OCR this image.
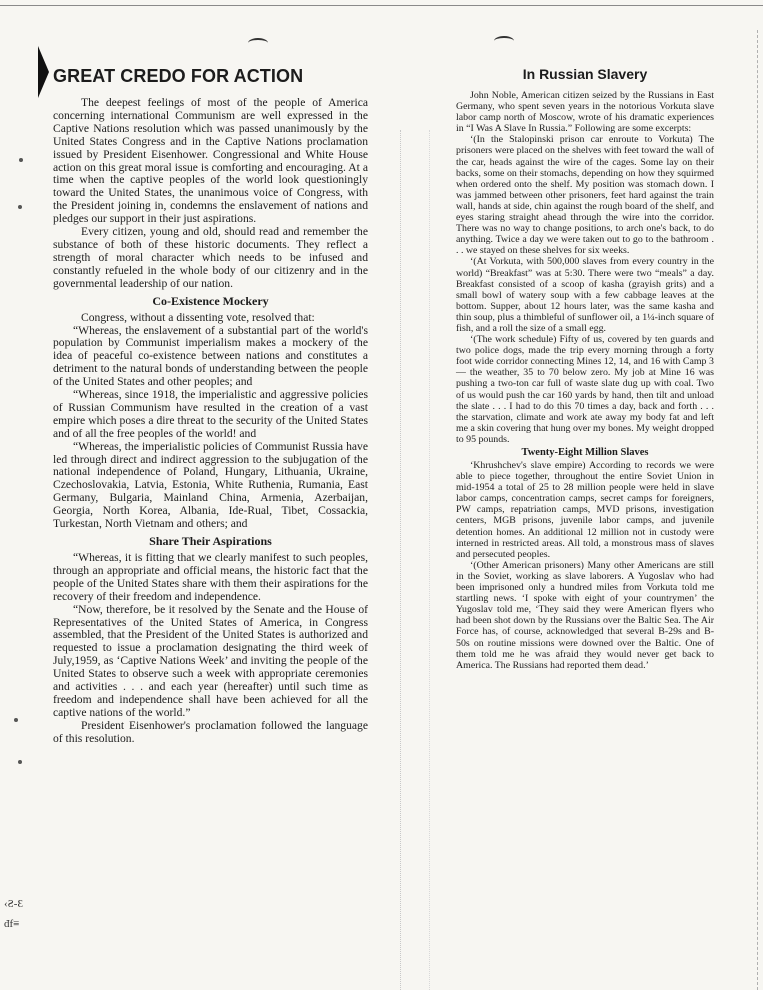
‹Ƨ-Ɛ
đf≡
GREAT CREDO FOR ACTION

The deepest feelings of most of the people of America concerning international Communism are well expressed in the Captive Nations resolution which was passed unanimously by the United States Congress and in the Captive Nations proclamation issued by President Eisenhower. Congressional and White House action on this great moral issue is comforting and encouraging. At a time when the captive peoples of the world look questioningly toward the United States, the unanimous voice of Congress, with the President joining in, condemns the enslavement of nations and pledges our support in their just aspirations.

Every citizen, young and old, should read and remember the substance of both of these historic documents. They reflect a strength of moral character which needs to be infused and constantly refueled in the whole body of our citizenry and in the governmental leadership of our nation.

Co-Existence Mockery

Congress, without a dissenting vote, resolved that:

“Whereas, the enslavement of a substantial part of the world's population by Communist imperialism makes a mockery of the idea of peaceful co-existence between nations and constitutes a detriment to the natural bonds of understanding between the people of the United States and other peoples; and

“Whereas, since 1918, the imperialistic and aggressive policies of Russian Communism have resulted in the creation of a vast empire which poses a dire threat to the security of the United States and of all the free peoples of the world! and

“Whereas, the imperialistic policies of Communist Russia have led through direct and indirect aggression to the subjugation of the national independence of Poland, Hungary, Lithuania, Ukraine, Czechoslovakia, Latvia, Estonia, White Ruthenia, Rumania, East Germany, Bulgaria, Mainland China, Armenia, Azerbaijan, Georgia, North Korea, Albania, Ide-Rual, Tibet, Cossackia, Turkestan, North Vietnam and others; and

Share Their Aspirations

“Whereas, it is fitting that we clearly manifest to such peoples, through an appropriate and official means, the historic fact that the people of the United States share with them their aspirations for the recovery of their freedom and independence.

“Now, therefore, be it resolved by the Senate and the House of Representatives of the United States of America, in Congress assembled, that the President of the United States is authorized and requested to issue a proclamation designating the third week of July,1959, as ‘Captive Nations Week’ and inviting the people of the United States to observe such a week with appropriate ceremonies and activities . . . and each year (hereafter) until such time as freedom and independence shall have been achieved for all the captive nations of the world.”

President Eisenhower's proclamation followed the language of this resolution.

In Russian Slavery

John Noble, American citizen seized by the Russians in East Germany, who spent seven years in the notorious Vorkuta slave labor camp north of Moscow, wrote of his dramatic experiences in “I Was A Slave In Russia.” Following are some excerpts:

‘(In the Stalopinski prison car enroute to Vorkuta) The prisoners were placed on the shelves with feet toward the wall of the car, heads against the wire of the cages. Some lay on their backs, some on their stomachs, depending on how they squirmed when ordered onto the shelf. My position was stomach down. I was jammed between other prisoners, feet hard against the train wall, hands at side, chin against the rough board of the shelf, and eyes staring straight ahead through the wire into the corridor. There was no way to change positions, to arch one's back, to do anything. Twice a day we were taken out to go to the bathroom . . . we stayed on these shelves for six weeks.

‘(At Vorkuta, with 500,000 slaves from every country in the world) “Breakfast” was at 5:30. There were two “meals” a day. Breakfast consisted of a scoop of kasha (grayish grits) and a small bowl of watery soup with a few cabbage leaves at the bottom. Supper, about 12 hours later, was the same kasha and thin soup, plus a thimbleful of sunflower oil, a 1¼-inch square of fish, and a roll the size of a small egg.

‘(The work schedule) Fifty of us, covered by ten guards and two police dogs, made the trip every morning through a forty foot wide corridor connecting Mines 12, 14, and 16 with Camp 3 — the weather, 35 to 70 below zero. My job at Mine 16 was pushing a two-ton car full of waste slate dug up with coal. Two of us would push the car 160 yards by hand, then tilt and unload the slate . . . I had to do this 70 times a day, back and forth . . . the starvation, climate and work ate away my body fat and left me a skin covering that hung over my bones. My weight dropped to 95 pounds.

Twenty-Eight Million Slaves

‘Khrushchev's slave empire) According to records we were able to piece together, throughout the entire Soviet Union in mid-1954 a total of 25 to 28 million people were held in slave labor camps, concentration camps, secret camps for foreigners, PW camps, repatriation camps, MVD prisons, investigation centers, MGB prisons, juvenile labor camps, and juvenile detention homes. An additional 12 million not in custody were interned in restricted areas. All told, a monstrous mass of slaves and persecuted peoples.

‘(Other American prisoners) Many other Americans are still in the Soviet, working as slave laborers. A Yugoslav who had been imprisoned only a hundred miles from Vorkuta told me startling news. ‘I spoke with eight of your countrymen’ the Yugoslav told me, ‘They said they were American flyers who had been shot down by the Russians over the Baltic Sea. The Air Force has, of course, acknowledged that several B-29s and B-50s on routine missions were downed over the Baltic. One of them told me he was afraid they would never get back to America. The Russians had reported them dead.’
